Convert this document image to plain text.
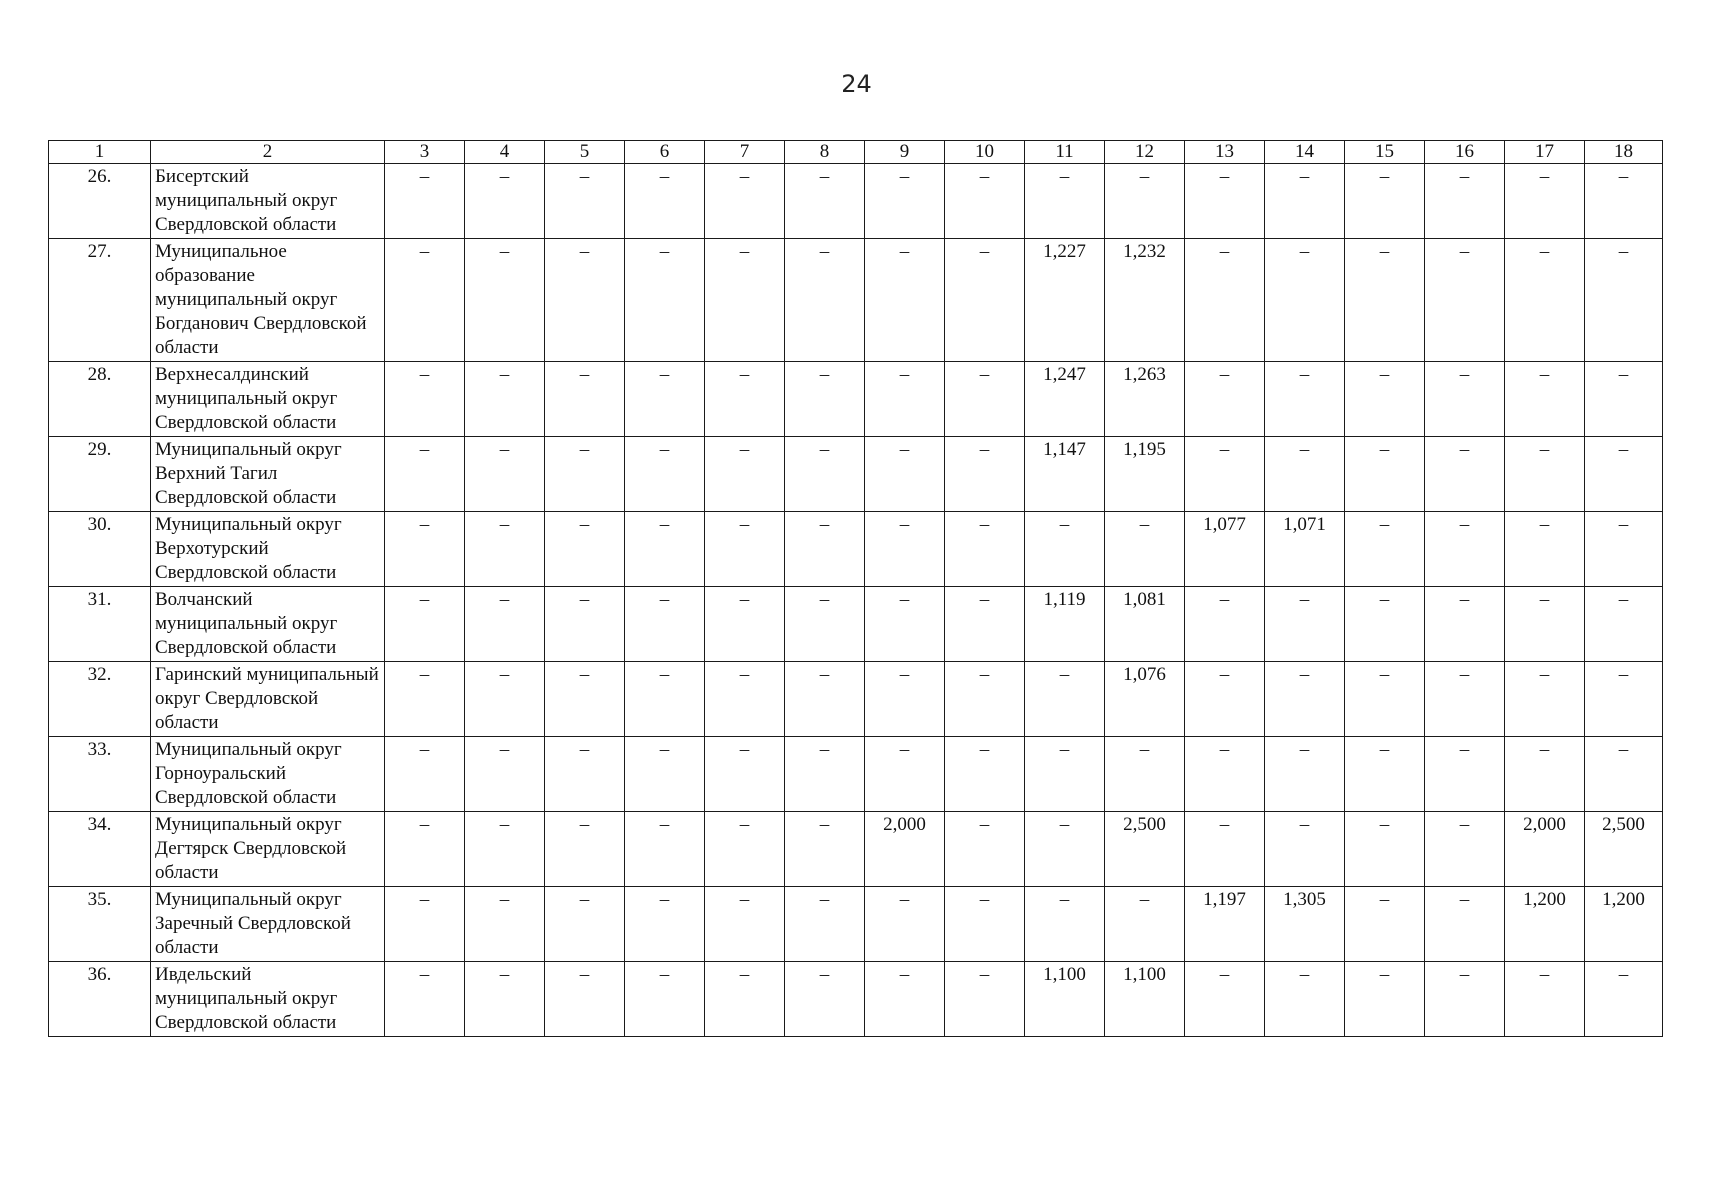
24
1	2	3	4	5	6	7	8	9	10	11	12	13	14	15	16	17	18
26.	Бисертский муниципальный округ Свердловской области	–	–	–	–	–	–	–	–	–	–	–	–	–	–	–	–
27.	Муниципальное образование муниципальный округ Богданович Свердловской области	–	–	–	–	–	–	–	–	1,227	1,232	–	–	–	–	–	–
28.	Верхнесалдинский муниципальный округ Свердловской области	–	–	–	–	–	–	–	–	1,247	1,263	–	–	–	–	–	–
29.	Муниципальный округ Верхний Тагил Свердловской области	–	–	–	–	–	–	–	–	1,147	1,195	–	–	–	–	–	–
30.	Муниципальный округ Верхотурский Свердловской области	–	–	–	–	–	–	–	–	–	–	1,077	1,071	–	–	–	–
31.	Волчанский муниципальный округ Свердловской области	–	–	–	–	–	–	–	–	1,119	1,081	–	–	–	–	–	–
32.	Гаринский муниципальный округ Свердловской области	–	–	–	–	–	–	–	–	–	1,076	–	–	–	–	–	–
33.	Муниципальный округ Горноуральский Свердловской области	–	–	–	–	–	–	–	–	–	–	–	–	–	–	–	–
34.	Муниципальный округ Дегтярск Свердловской области	–	–	–	–	–	–	2,000	–	–	2,500	–	–	–	–	2,000	2,500
35.	Муниципальный округ Заречный Свердловской области	–	–	–	–	–	–	–	–	–	–	1,197	1,305	–	–	1,200	1,200
36.	Ивдельский муниципальный округ Свердловской области	–	–	–	–	–	–	–	–	1,100	1,100	–	–	–	–	–	–
